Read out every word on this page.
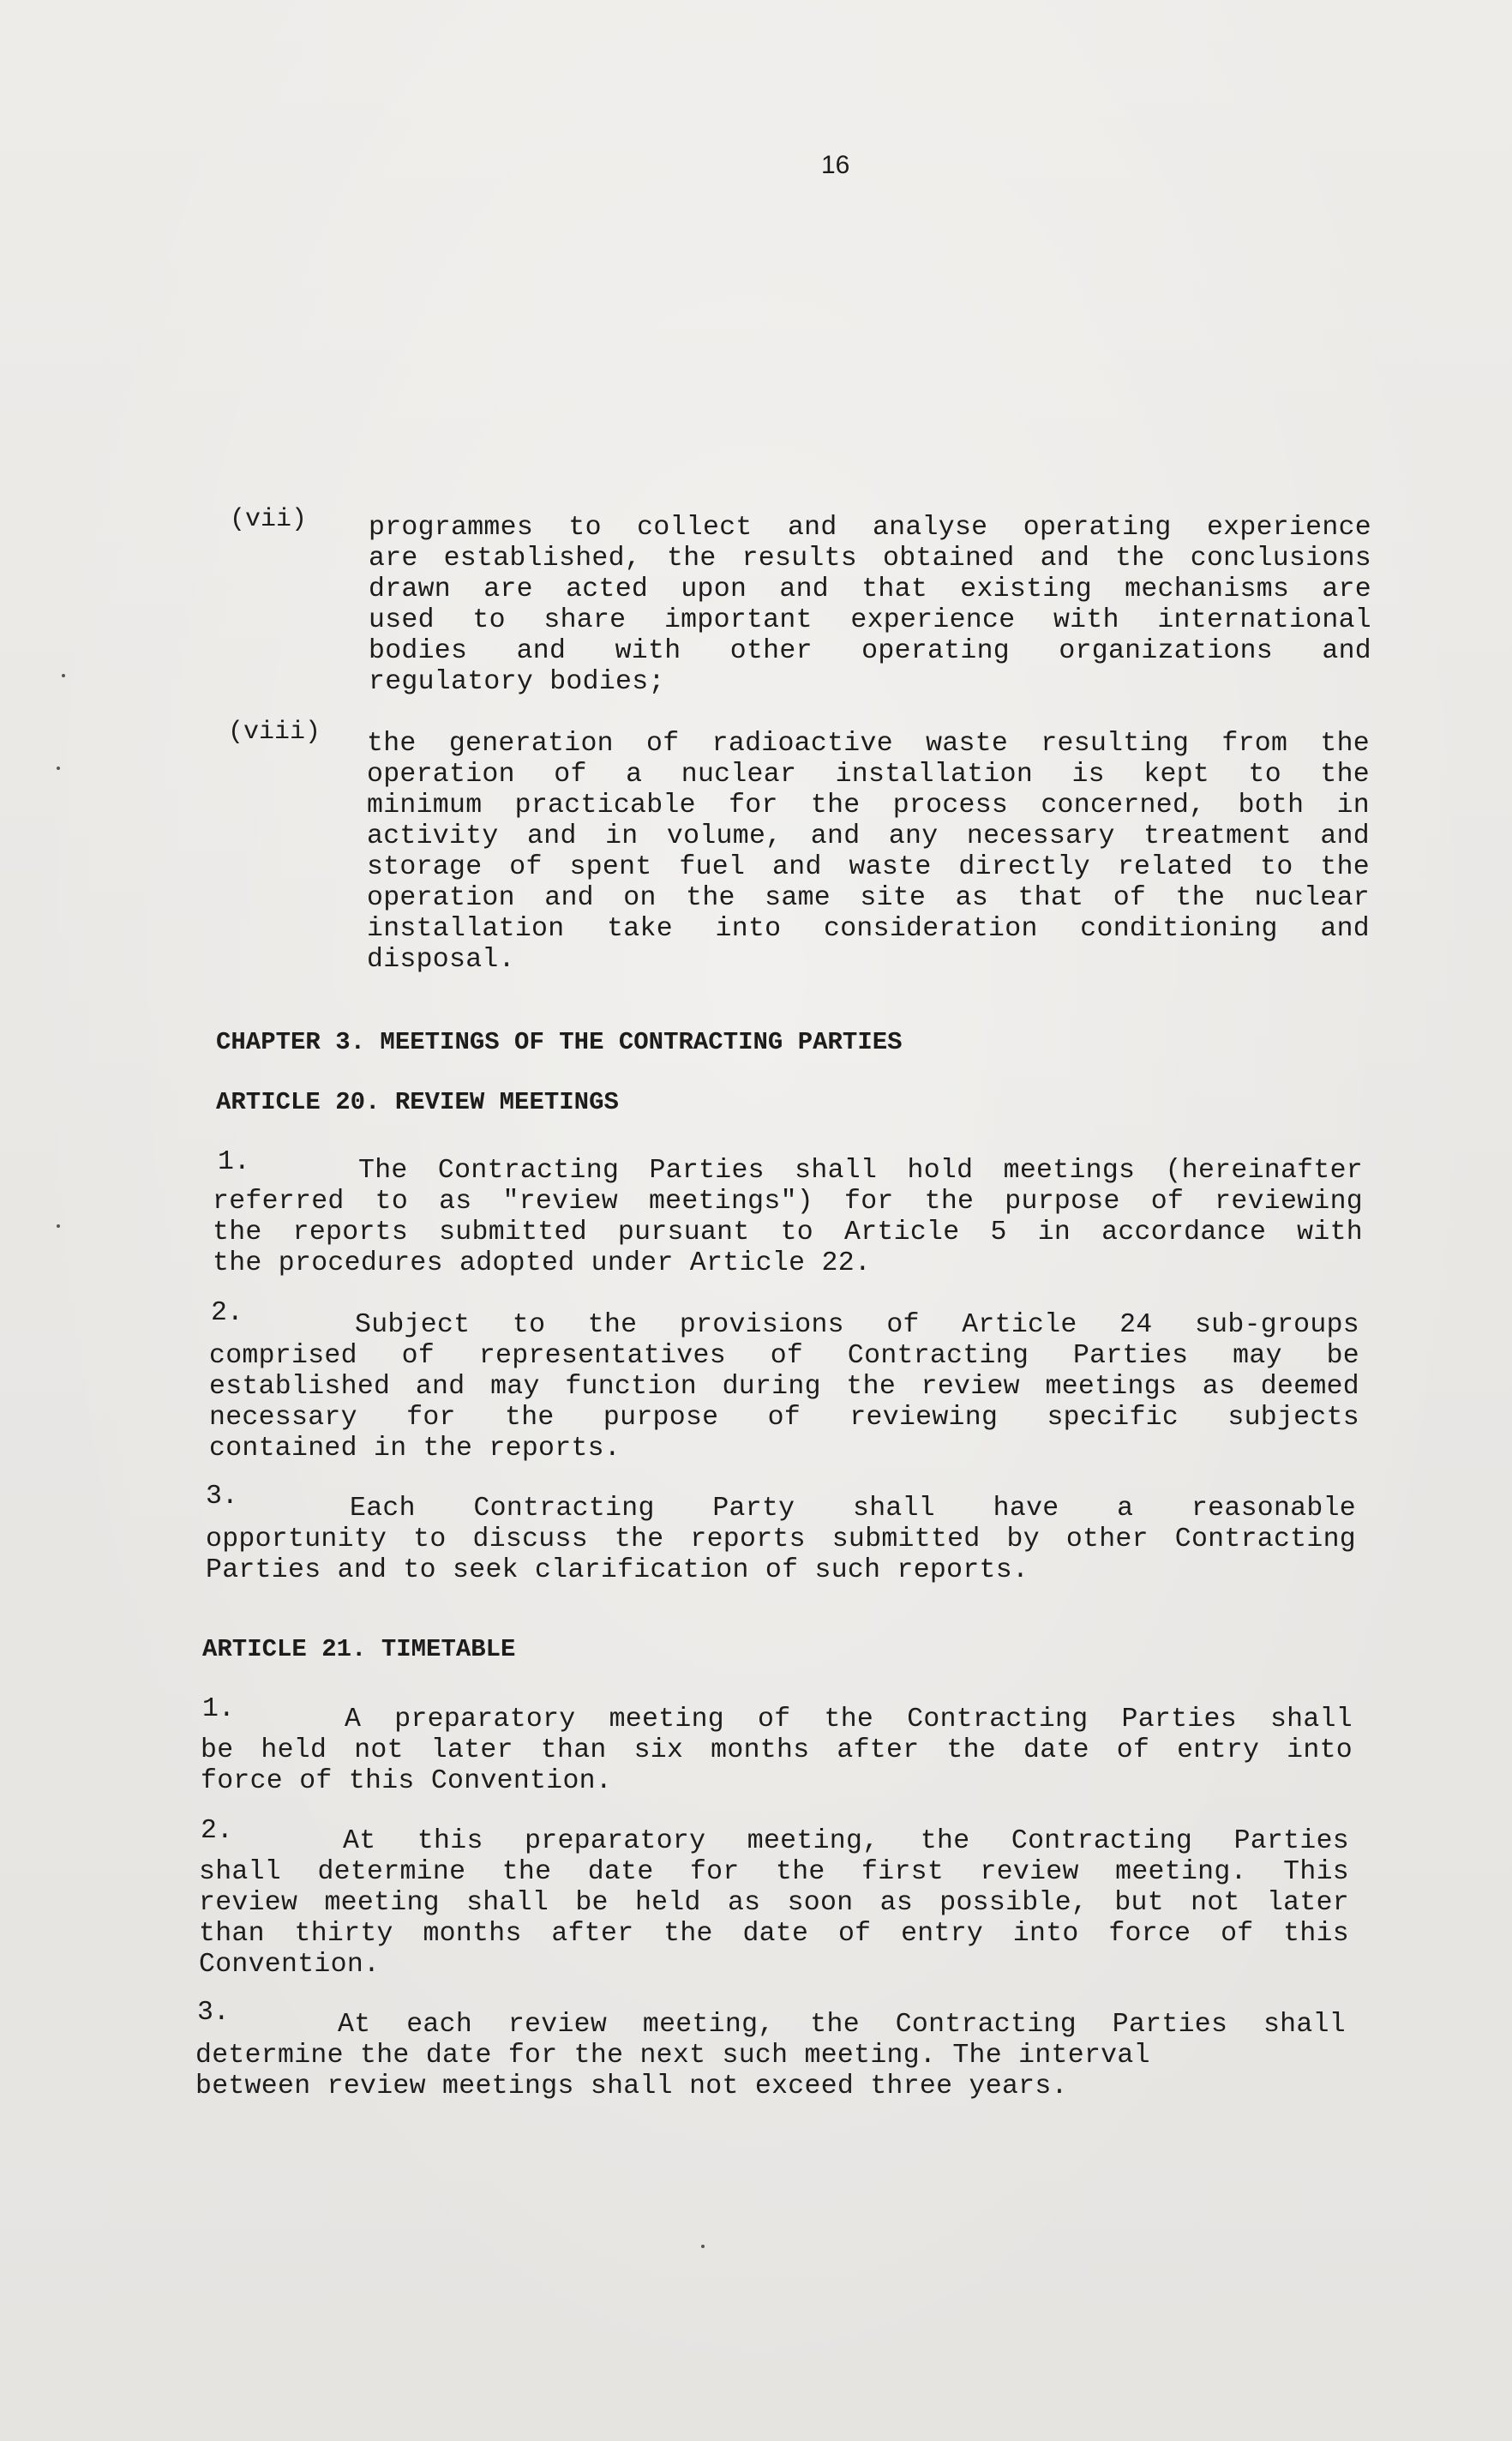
16
(vii) programmes to collect and analyse operating experience
are established, the results obtained and the conclusions
drawn are acted upon and that existing mechanisms are
used to share important experience with international
bodies and with other operating organizations and
regulatory bodies;
(viii) the generation of radioactive waste resulting from the
operation of a nuclear installation is kept to the
minimum practicable for the process concerned, both in
activity and in volume, and any necessary treatment and
storage of spent fuel and waste directly related to the
operation and on the same site as that of the nuclear
installation take into consideration conditioning and
disposal.
CHAPTER 3. MEETINGS OF THE CONTRACTING PARTIES
ARTICLE 20. REVIEW MEETINGS
1.	The Contracting Parties shall hold meetings (hereinafter
referred to as "review meetings") for the purpose of reviewing
the reports submitted pursuant to Article 5 in accordance with
the procedures adopted under Article 22.
2.	Subject to the provisions of Article 24 sub-groups
comprised of representatives of Contracting Parties may be
established and may function during the review meetings as deemed
necessary for the purpose of reviewing specific subjects
contained in the reports.
3.	Each Contracting Party shall have a reasonable
opportunity to discuss the reports submitted by other Contracting
Parties and to seek clarification of such reports.
ARTICLE 21. TIMETABLE
1.	A preparatory meeting of the Contracting Parties shall
be held not later than six months after the date of entry into
force of this Convention.
2.	At this preparatory meeting, the Contracting Parties
shall determine the date for the first review meeting. This
review meeting shall be held as soon as possible, but not later
than thirty months after the date of entry into force of this
Convention.
3.	At each review meeting, the Contracting Parties shall
determine the date for the next such meeting. The interval
between review meetings shall not exceed three years.
